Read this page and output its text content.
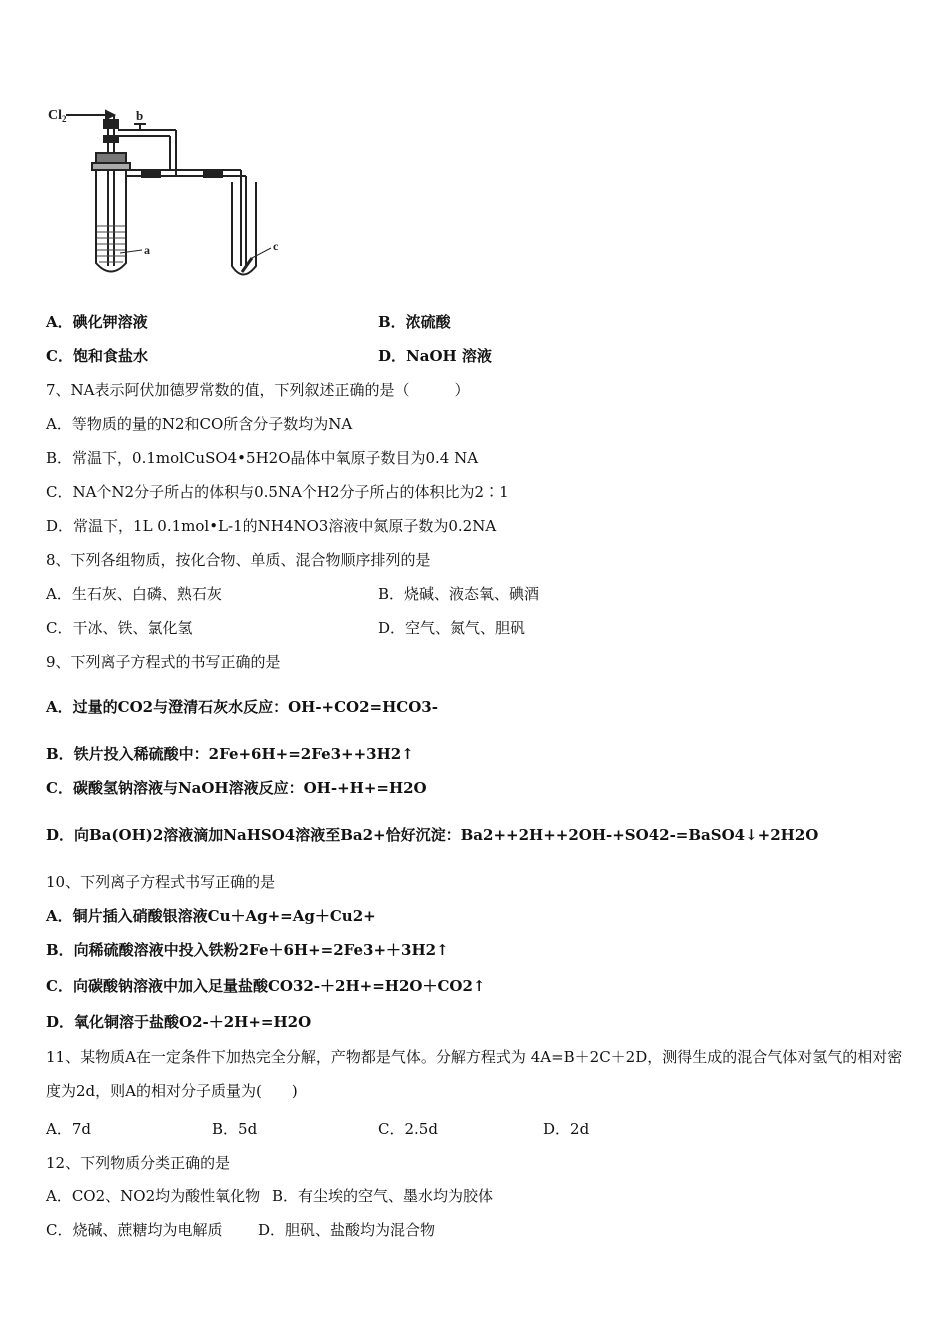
$Cl_2$	b
a	c
A．碘化钾溶液	B．浓硫酸
C．饱和食盐水	D．NaOH 溶液
7、NA表示阿伏加德罗常数的值，下列叙述正确的是（　　　）
A．等物质的量的N2和CO所含分子数均为NA
B．常温下，0.1molCuSO4•5H2O晶体中氧原子数目为0.4 NA
C．NA个N2分子所占的体积与0.5NA个H2分子所占的体积比为2∶1
D．常温下，1L 0.1mol•L-1的NH4NO3溶液中氮原子数为0.2NA
8、下列各组物质，按化合物、单质、混合物顺序排列的是
A．生石灰、白磷、熟石灰	B．烧碱、液态氧、碘酒
C．干冰、铁、氯化氢	D．空气、氮气、胆矾
9、下列离子方程式的书写正确的是
A．过量的CO2与澄清石灰水反应：OH-+CO2=HCO3-
B．铁片投入稀硫酸中：2Fe+6H+=2Fe3++3H2↑
C．碳酸氢钠溶液与NaOH溶液反应：OH-+H+=H2O
D．向Ba(OH)2溶液滴加NaHSO4溶液至Ba2+恰好沉淀：Ba2++2H++2OH-+SO42-=BaSO4↓+2H2O
10、下列离子方程式书写正确的是
A．铜片插入硝酸银溶液Cu＋Ag+=Ag＋Cu2+
B．向稀硫酸溶液中投入铁粉2Fe＋6H+=2Fe3+＋3H2↑
C．向碳酸钠溶液中加入足量盐酸CO32-＋2H+=H2O＋CO2↑
D．氧化铜溶于盐酸O2-＋2H+=H2O
11、某物质A在一定条件下加热完全分解，产物都是气体。分解方程式为 4A=B＋2C＋2D，测得生成的混合气体对氢气的相对密度为2d，则A的相对分子质量为(　　)
A．7d	B．5d	C．2.5d	D．2d
12、下列物质分类正确的是
A．CO2、NO2均为酸性氧化物 B．有尘埃的空气、墨水均为胶体
C．烧碱、蔗糖均为电解质 D．胆矾、盐酸均为混合物
